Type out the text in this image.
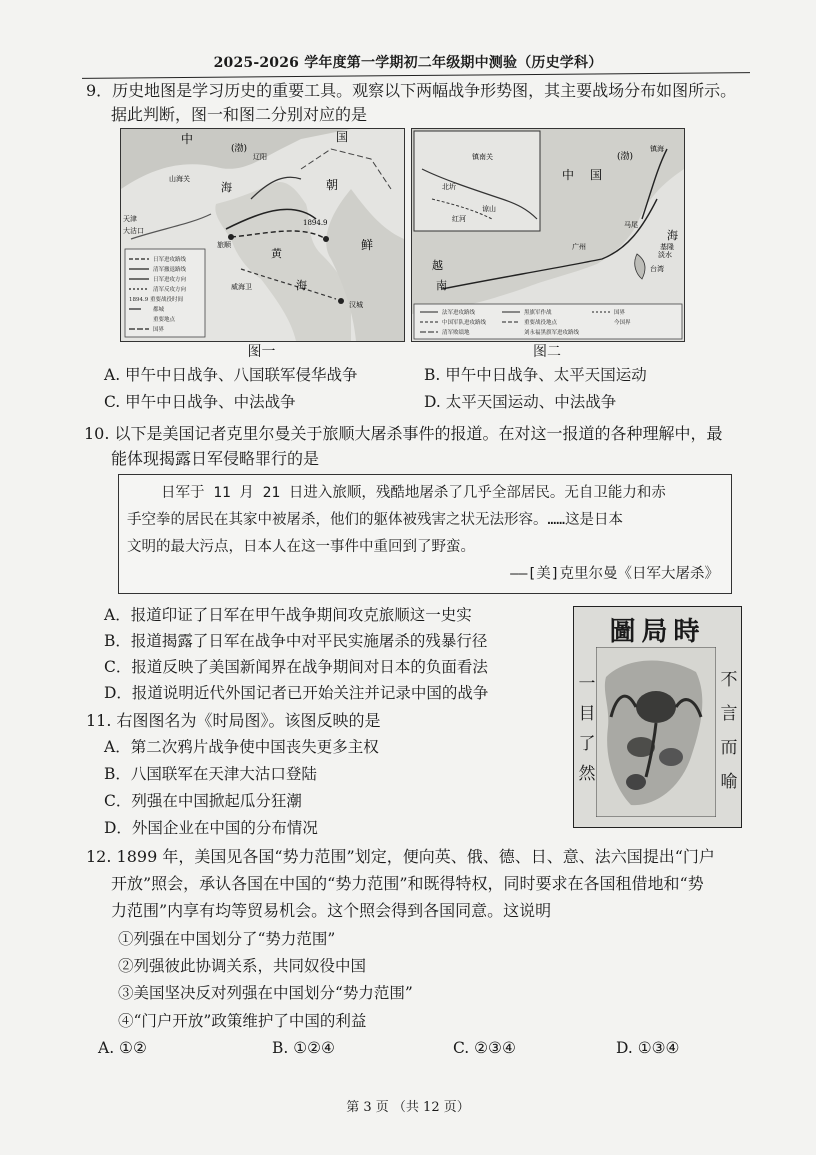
2025-2026 学年度第一学期初二年级期中测验（历史学科）
9．历史地图是学习历史的重要工具。观察以下两幅战争形势图，其主要战场分布如图所示。
据此判断，图一和图二分别对应的是
中	国
(渤)
海	朝
鲜
黄
海
旅顺
山海关
天津
大沽口
辽阳
威海卫
汉城
1894.9
日军进攻路线
清军撤退路线
日军进攻方向
清军反攻方向
1894.9 重要战役时间
都城
重要地点
国界
图一
中 国
(渤)
海
镇海
台湾
镇南关
谅山
越
南
马尾
淡水
基隆
广州
北圻
红河
法军进攻路线
中国军队进攻路线
清军败绩地
黑旗军作战
重要战役地点
国界
今国界
刘永福黑旗军进攻路线
图二
A. 甲午中日战争、八国联军侵华战争	B. 甲午中日战争、太平天国运动
C. 甲午中日战争、中法战争	D. 太平天国运动、中法战争
10. 以下是美国记者克里尔曼关于旅顺大屠杀事件的报道。在对这一报道的各种理解中，最
能体现揭露日军侵略罪行的是
日军于 11 月 21 日进入旅顺，残酷地屠杀了几乎全部居民。无自卫能力和赤
手空拳的居民在其家中被屠杀，他们的躯体被残害之状无法形容。……这是日本
文明的最大污点，日本人在这一事件中重回到了野蛮。
——[美]克里尔曼《日军大屠杀》
A．报道印证了日军在甲午战争期间攻克旅顺这一史实
B．报道揭露了日军在战争中对平民实施屠杀的残暴行径
C．报道反映了美国新闻界在战争期间对日本的负面看法
D．报道说明近代外国记者已开始关注并记录中国的战争
圖局時
一
目
了
然
不
言
而
喻
11. 右图图名为《时局图》。该图反映的是
A．第二次鸦片战争使中国丧失更多主权
B．八国联军在天津大沽口登陆
C．列强在中国掀起瓜分狂潮
D．外国企业在中国的分布情况
12. 1899 年，美国见各国“势力范围”划定，便向英、俄、德、日、意、法六国提出“门户
开放”照会，承认各国在中国的“势力范围”和既得特权，同时要求在各国租借地和“势
力范围”内享有均等贸易机会。这个照会得到各国同意。这说明
①列强在中国划分了“势力范围”
②列强彼此协调关系，共同奴役中国
③美国坚决反对列强在中国划分“势力范围”
④“门户开放”政策维护了中国的利益
A. ①②	B. ①②④	C. ②③④	D. ①③④
第 3 页 （共 12 页）
